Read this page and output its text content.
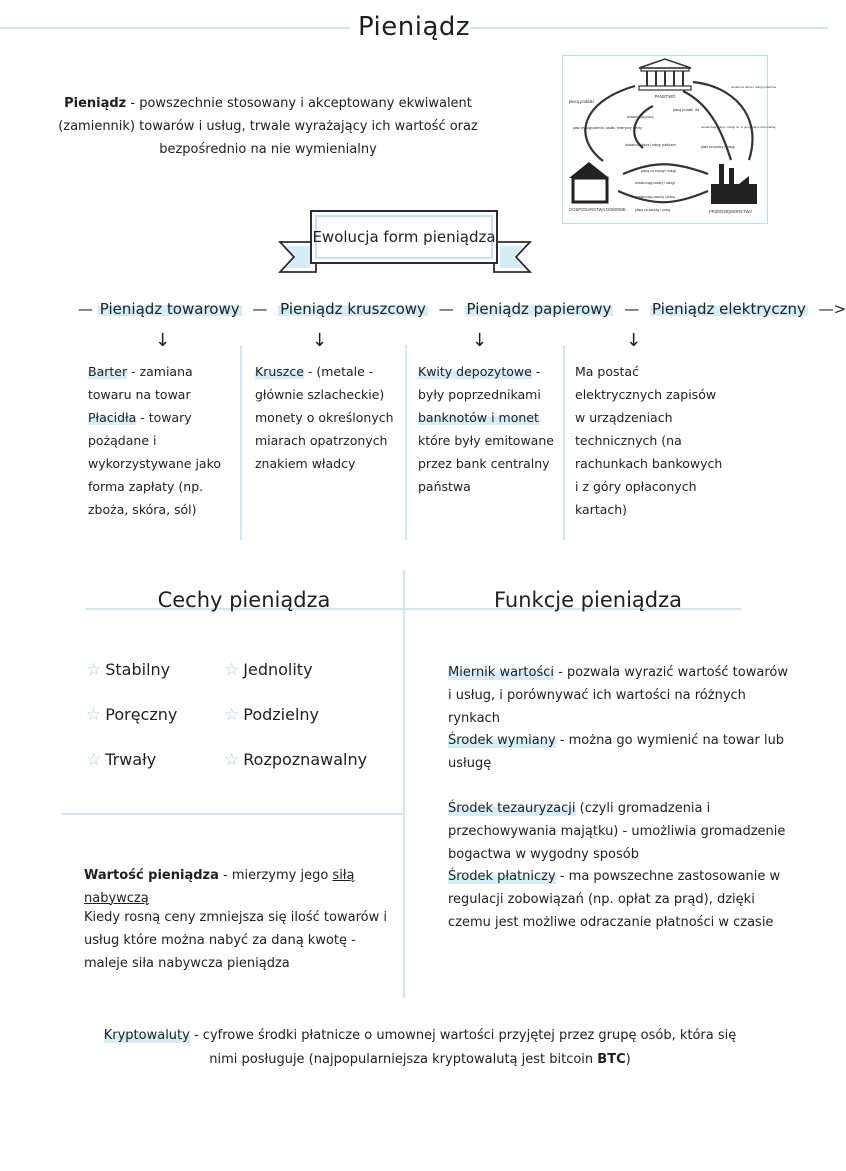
Pieniądz
Pieniądz - powszechnie stosowany i akceptowany ekwiwalent (zamiennik) towarów i usług, trwale wyrażający ich wartość oraz bezpośrednio na nie wymienialny
PAŃSTWO
GOSPODARSTWA DOMOWE	PRZEDSIĘBIORSTWA
płacą podatki
płaci wynagrodzenia, zasiłki, emerytury i renty
dostarczają pracy
dostarcza dobra i usługi publiczne
płacą podatki, cła
dostarczają dobra i usługi np. w gospodarce komunalnej
dostarcza dobra i usługi publiczne
płaci za towary i usługi
płacą za towary i usługi
dostarczają towary i usługi
dostarczają zasoby i pracę
płacą za zasoby i pracę
Ewolucja form pieniądza
— Pieniądz towarowy — Pieniądz kruszcowy — Pieniądz papierowy — Pieniądz elektryczny —>
↓	↓	↓	↓
Barter - zamiana towaru na towar
Płacidła - towary pożądane i wykorzystywane jako forma zapłaty (np. zboża, skóra, sól)
Kruszce - (metale - głównie szlacheckie) monety o określonych miarach opatrzonych znakiem władcy
Kwity depozytowe - były poprzednikami banknotów i monet które były emitowane przez bank centralny państwa
Ma postać elektrycznych zapisów w urządzeniach technicznych (na rachunkach bankowych i z góry opłaconych kartach)
Cechy pieniądza	Funkcje pieniądza
☆ Stabilny	☆ Jednolity
☆ Poręczny	☆ Podzielny
☆ Trwały	☆ Rozpoznawalny
Miernik wartości - pozwala wyrazić wartość towarów i usług, i porównywać ich wartości na różnych rynkach
Środek wymiany - można go wymienić na towar lub usługę
Środek tezauryzacji (czyli gromadzenia i przechowywania majątku) - umożliwia gromadzenie bogactwa w wygodny sposób
Środek płatniczy - ma powszechne zastosowanie w regulacji zobowiązań (np. opłat za prąd), dzięki czemu jest możliwe odraczanie płatności w czasie
Wartość pieniądza - mierzymy jego siłą nabywczą
Kiedy rosną ceny zmniejsza się ilość towarów i usług które można nabyć za daną kwotę - maleje siła nabywcza pieniądza
Kryptowaluty - cyfrowe środki płatnicze o umownej wartości przyjętej przez grupę osób, która się nimi posługuje (najpopularniejsza kryptowalutą jest bitcoin BTC)
